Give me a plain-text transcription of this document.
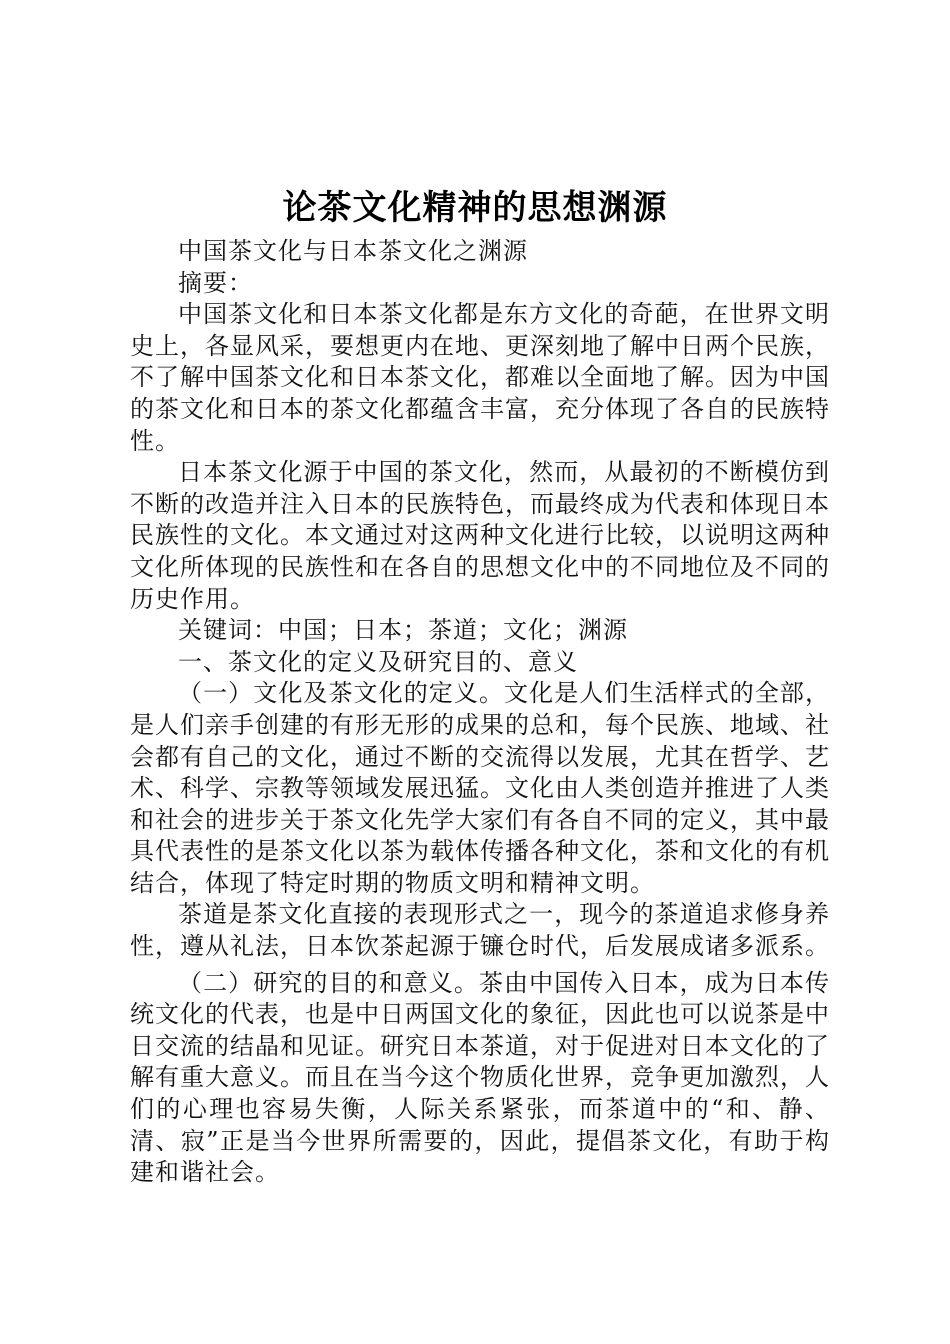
论茶文化精神的思想渊源

中国茶文化与日本茶文化之渊源

摘要：

中国茶文化和日本茶文化都是东方文化的奇葩，在世界文明史上，各显风采，要想更内在地、更深刻地了解中日两个民族，不了解中国茶文化和日本茶文化，都难以全面地了解。因为中国的茶文化和日本的茶文化都蕴含丰富，充分体现了各自的民族特性。

日本茶文化源于中国的茶文化，然而，从最初的不断模仿到不断的改造并注入日本的民族特色，而最终成为代表和体现日本民族性的文化。本文通过对这两种文化进行比较，以说明这两种文化所体现的民族性和在各自的思想文化中的不同地位及不同的历史作用。

关键词：中国；日本；茶道；文化；渊源

一、茶文化的定义及研究目的、意义

（一）文化及茶文化的定义。文化是人们生活样式的全部，是人们亲手创建的有形无形的成果的总和，每个民族、地域、社会都有自己的文化，通过不断的交流得以发展，尤其在哲学、艺术、科学、宗教等领域发展迅猛。文化由人类创造并推进了人类和社会的进步关于茶文化先学大家们有各自不同的定义，其中最具代表性的是茶文化以茶为载体传播各种文化，茶和文化的有机结合，体现了特定时期的物质文明和精神文明。

茶道是茶文化直接的表现形式之一，现今的茶道追求修身养性，遵从礼法，日本饮茶起源于镰仓时代，后发展成诸多派系。

（二）研究的目的和意义。茶由中国传入日本，成为日本传统文化的代表，也是中日两国文化的象征，因此也可以说茶是中日交流的结晶和见证。研究日本茶道，对于促进对日本文化的了解有重大意义。而且在当今这个物质化世界，竞争更加激烈，人们的心理也容易失衡，人际关系紧张，而茶道中的“和、静、清、寂”正是当今世界所需要的，因此，提倡茶文化，有助于构建和谐社会。
